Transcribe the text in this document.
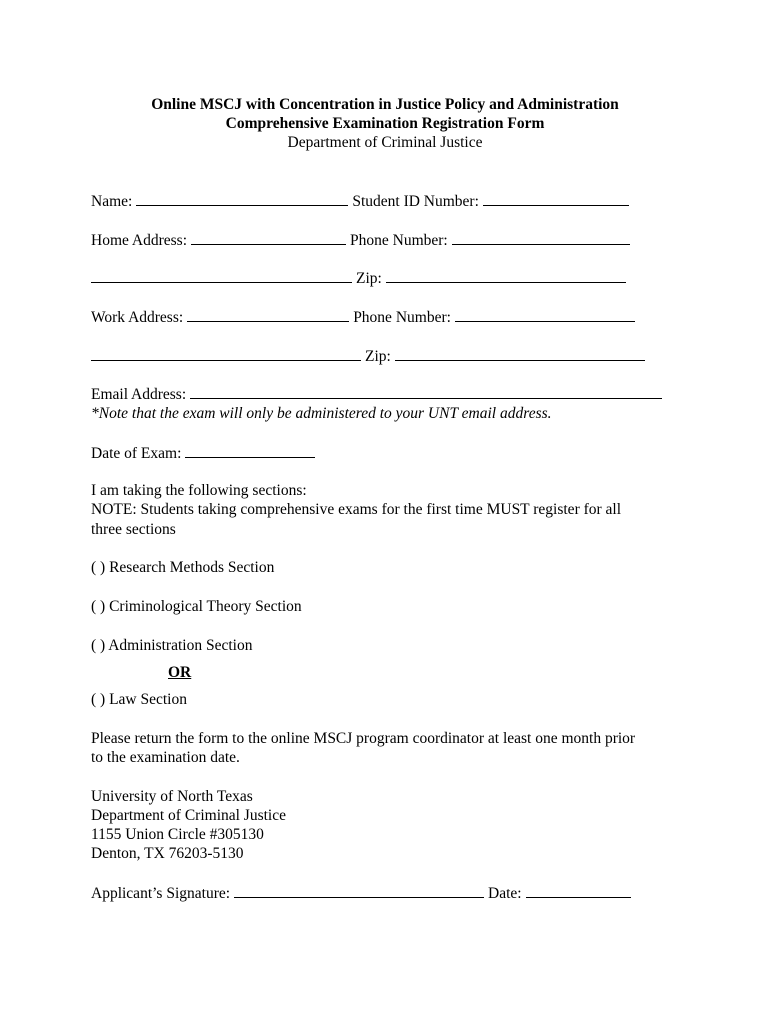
Online MSCJ with Concentration in Justice Policy and Administration
Comprehensive Examination Registration Form
Department of Criminal Justice
Name:	Student ID Number:
Home Address:	Phone Number:
Zip:
Work Address:	Phone Number:
Zip:
Email Address:
*Note that the exam will only be administered to your UNT email address.
Date of Exam:
I am taking the following sections:
NOTE: Students taking comprehensive exams for the first time MUST register for all
three sections
( ) Research Methods Section
( ) Criminological Theory Section
( ) Administration Section
OR
( ) Law Section
Please return the form to the online MSCJ program coordinator at least one month prior
to the examination date.
University of North Texas
Department of Criminal Justice
1155 Union Circle #305130
Denton, TX 76203-5130
Applicant’s Signature:	Date:
